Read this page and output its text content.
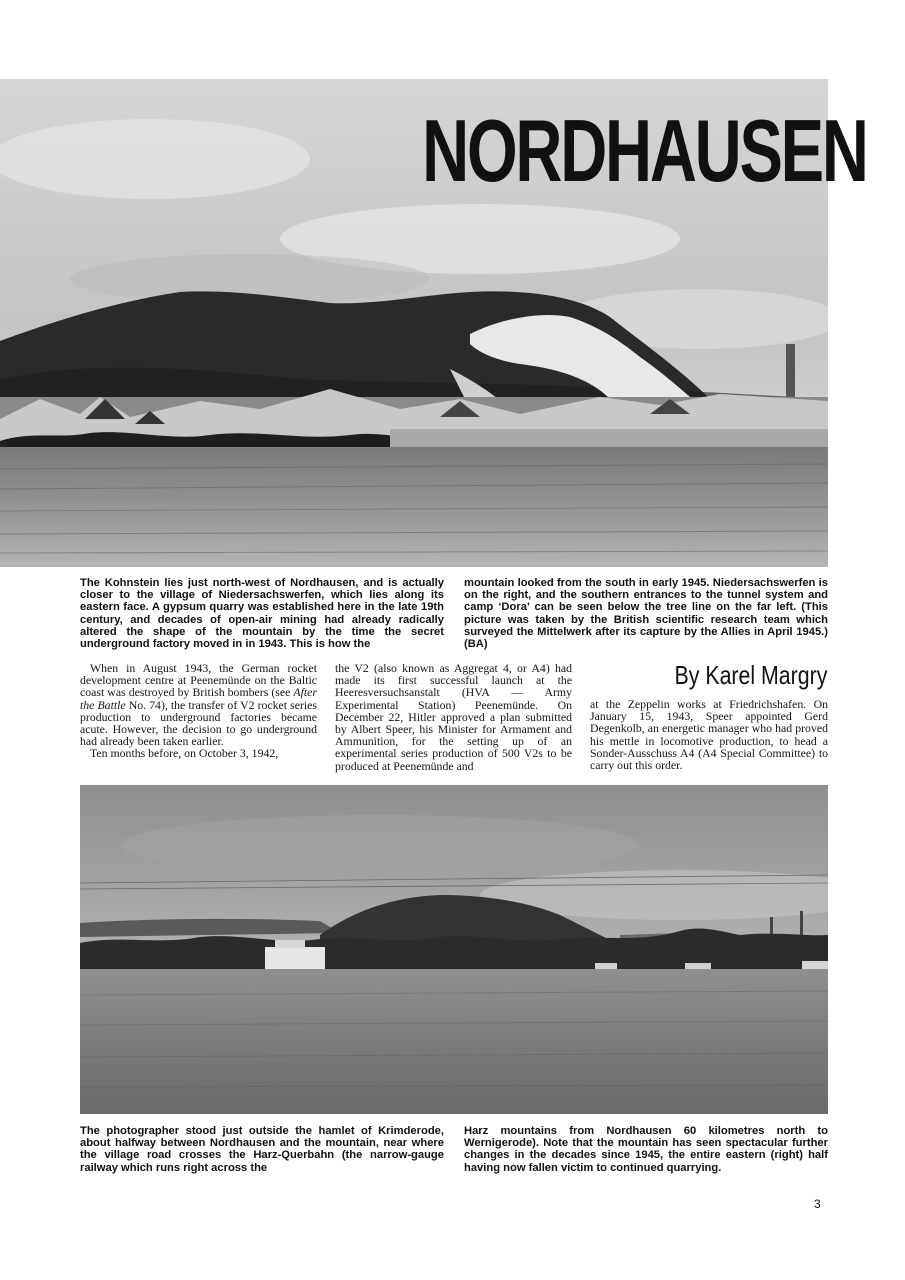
NORDHAUSEN
The Kohnstein lies just north-west of Nordhausen, and is actually closer to the village of Niedersachswerfen, which lies along its eastern face. A gypsum quarry was established here in the late 19th century, and decades of open-air mining had already radically altered the shape of the mountain by the time the secret underground factory moved in in 1943. This is how the
mountain looked from the south in early 1945. Niedersachswerfen is on the right, and the southern entrances to the tunnel system and camp ‘Dora’ can be seen below the tree line on the far left. (This picture was taken by the British scientific research team which surveyed the Mittelwerk after its capture by the Allies in April 1945.) (BA)

When in August 1943, the German rocket development centre at Peenemünde on the Baltic coast was destroyed by British bombers (see After the Battle No. 74), the transfer of V2 rocket series production to underground factories became acute. However, the decision to go underground had already been taken earlier.

Ten months before, on October 3, 1942,

the V2 (also known as Aggregat 4, or A4) had made its first successful launch at the Heeresversuchsanstalt (HVA — Army Experimental Station) Peenemünde. On December 22, Hitler approved a plan submitted by Albert Speer, his Minister for Armament and Ammunition, for the setting up of an experimental series production of 500 V2s to be produced at Peenemünde and

By Karel Margry

at the Zeppelin works at Friedrichshafen. On January 15, 1943, Speer appointed Gerd Degenkolb, an energetic manager who had proved his mettle in locomotive production, to head a Sonder-Ausschuss A4 (A4 Special Committee) to carry out this order.

The photographer stood just outside the hamlet of Krimderode, about halfway between Nordhausen and the mountain, near where the village road crosses the Harz-Querbahn (the narrow-gauge railway which runs right across the
Harz mountains from Nordhausen 60 kilometres north to Wernigerode). Note that the mountain has seen spectacular further changes in the decades since 1945, the entire eastern (right) half having now fallen victim to continued quarrying.
3
